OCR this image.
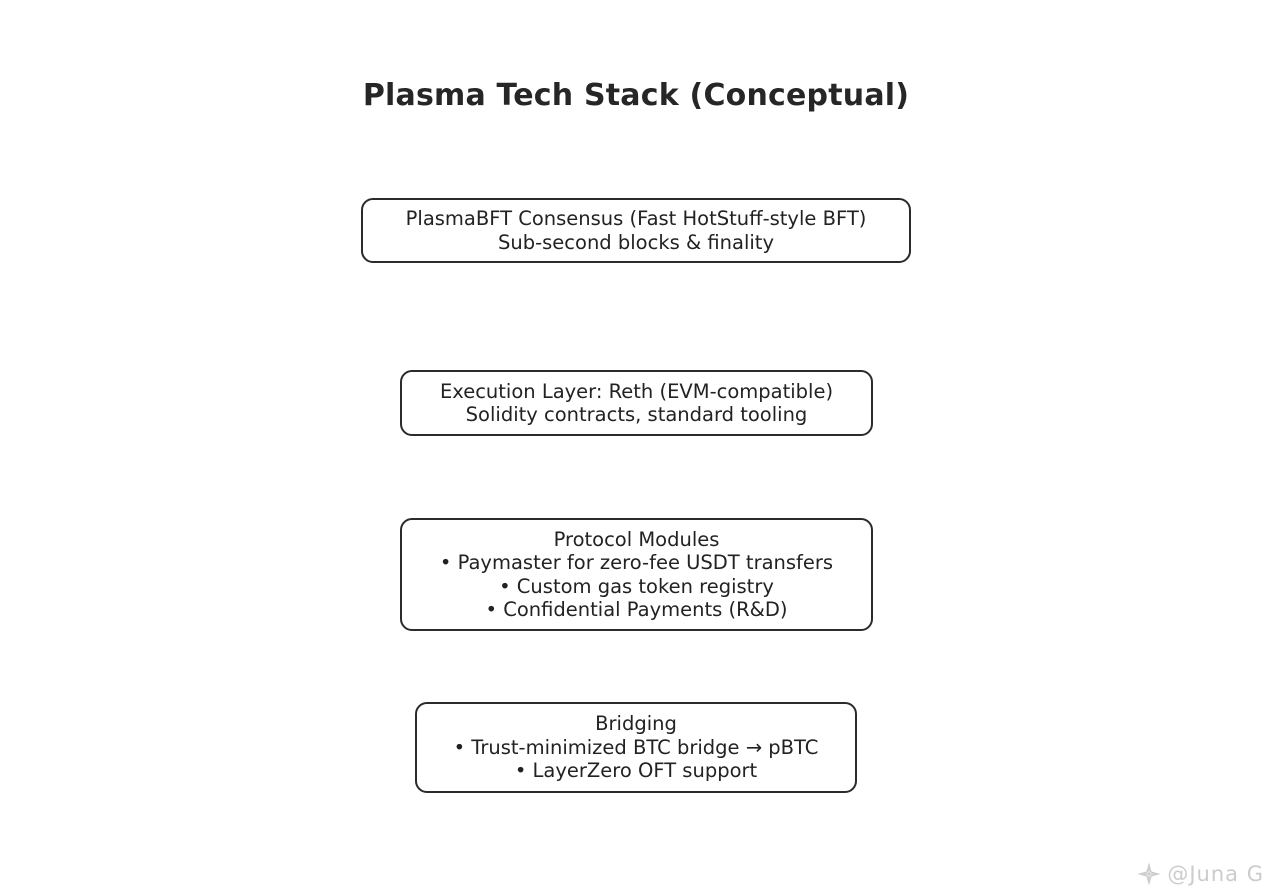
Plasma Tech Stack (Conceptual)
PlasmaBFT Consensus (Fast HotStuff-style BFT)
Sub-second blocks & finality
Execution Layer: Reth (EVM-compatible)
Solidity contracts, standard tooling
Protocol Modules
• Paymaster for zero-fee USDT transfers
• Custom gas token registry
• Confidential Payments (R&D)
Bridging
• Trust-minimized BTC bridge → pBTC
• LayerZero OFT support
@Juna G
